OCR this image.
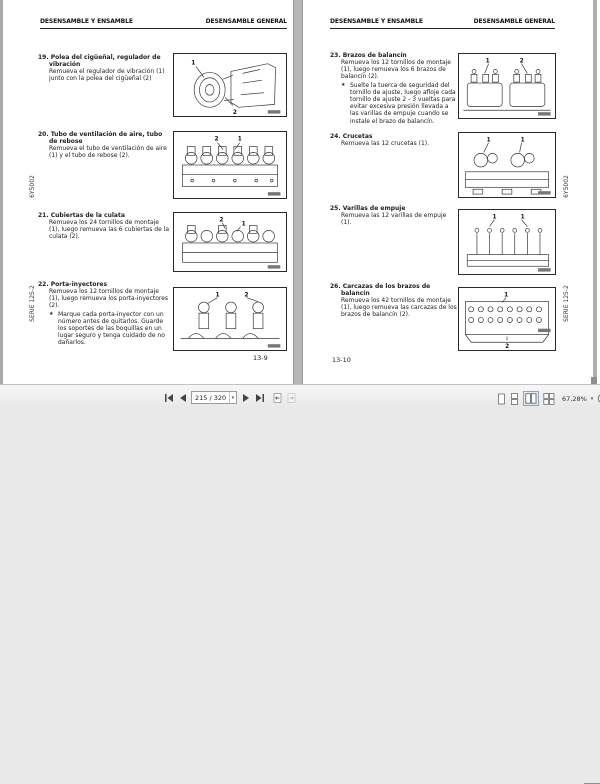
DESENSAMBLE Y ENSAMBLE	DESENSAMBLE GENERAL
19. Polea del cigüeñal, regulador de vibración
Remueva el regulador de vibración (1) junto con la polea del cigüeñal (2)
20. Tubo de ventilación de aire, tubo de rebose
Remueva el tubo de ventilación de aire (1) y el tubo de rebose (2).
21. Cubiertas de la culata
Remueva los 24 tornillos de montaje (1), luego remueva las 6 cubiertas de la culata (2).
22. Porta-inyectores
Remueva los 12 tornillos de montaje (1), luego remueva los porta-inyectores (2).
★ Marque cada porta-inyector con un número antes de quitarlos. Guarde los soportes de las boquillas en un lugar seguro y tenga cuidado de no dañarlos.
1
2
2	1
2
1
1	2
6Y5002
SERIE 125-2
13-9
DESENSAMBLE Y ENSAMBLE	DESENSAMBLE GENERAL
23. Brazos de balancín
Remueva los 12 tornillos de montaje (1), luego remueva los 6 brazos de balancín (2).
★ Suelte la tuerca de seguridad del tornillo de ajuste, luego afloje cada tornillo de ajuste 2 - 3 vueltas para evitar excesiva presión llevada a las varillas de empuje cuando se instale el brazo de balancín.
24. Crucetas
Remueva las 12 crucetas (1).
25. Varillas de empuje
Remueva las 12 varillas de empuje (1).
26. Carcazas de los brazos de balancín
Remueva los 42 tornillos de montaje (1), luego remueva las carcazas de los brazos de balancín (2).
1	2
1	1
1	1
1
2
6Y5002
SERIE 125-2
13-10
215 / 320
▾	67,28% ▾
